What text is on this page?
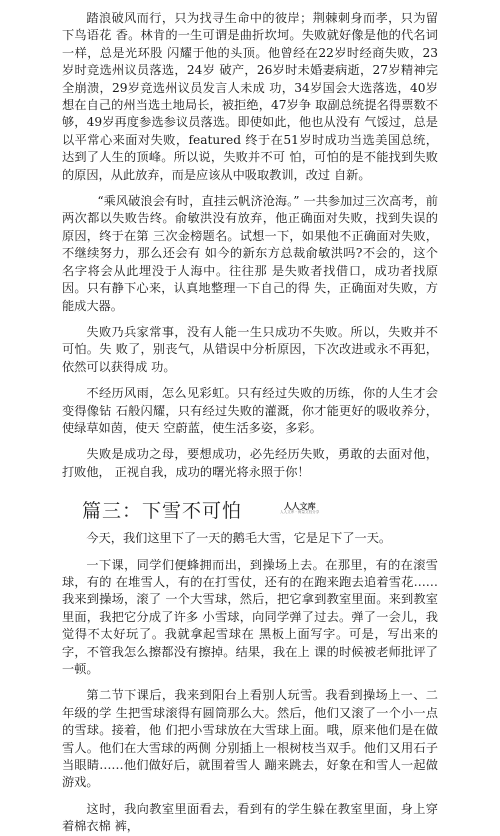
踏浪破风而行，只为找寻生命中的彼岸；荆棘刺身而孝，只为留下鸟语花 香。林肯的一生可谓是曲折坎坷。失败就好像是他的代名词一样，总是光环股 闪耀于他的头顶。他曾经在22岁时经商失败，23岁时竞选州议员落选，24岁 破产，26岁时未婚妻病逝，27岁精神完全崩溃，29岁竞选州议员发言人未成 功，34岁国会大选落选，40岁想在自己的州当选土地局长，被拒绝，47岁争 取副总统提名得票数不够，49岁再度参选参议员落选。即使如此，他也从没有 气馁过，总是以平常心来面对失败，featured 终于在51岁时成功当选美国总统，达到了人生的顶峰。所以说，失败并不可 怕，可怕的是不能找到失败的原因，从此放弃，而是应该从中吸取教训，改过 自新。

“乘风破浪会有时，直挂云帆济沧海。” 一共参加过三次高考，前两次都以失败告终。俞敏洪没有放弃，他正确面对失败，找到失误的原因，终于在第 三次金榜题名。试想一下，如果他不正确面对失败，不继续努力，那么还会有 如今的新东方总裁俞敏洪吗?不会的，这个名字将会从此埋没于人海中。往往那 是失败者找借口，成功者找原因。只有静下心来，认真地整理一下自己的得 失，正确面对失败，方能成大器。

失败乃兵家常事，没有人能一生只成功不失败。所以，失败并不可怕。失 败了，别丧气，从错误中分析原因，下次改进或永不再犯，依然可以获得成 功。

不经历风雨，怎么见彩虹。只有经过失败的历练，你的人生才会变得像钻 石般闪耀，只有经过失败的灌溉，你才能更好的吸收养分，使绿草如茵，使天 空蔚蓝，使生活多姿，多彩。

失败是成功之母，要想成功，必先经历失败，勇敢的去面对他，打败他， 正视自我，成功的曙光将永照于你！

篇三：下雪不可怕	人人文库
人人文库 · 海量文档分享

今天，我们这里下了一天的鹅毛大雪，它是足下了一天。

一下课，同学们便蜂拥而出，到操场上去。在那里，有的在滚雪球，有的 在堆雪人，有的在打雪仗，还有的在跑来跑去追着雪花……我来到操场，滚了 一个大雪球，然后，把它拿到教室里面。来到教室里面，我把它分成了许多 小雪球，向同学弹了过去。弹了一会儿，我觉得不太好玩了。我就拿起雪球在 黑板上面写字。可是，写出来的字，不管我怎么擦都没有擦掉。结果，我在上 课的时候被老师批评了一顿。

第二节下课后，我来到阳台上看别人玩雪。我看到操场上一、二年级的学 生把雪球滚得有圆筒那么大。然后，他们又滚了一个小一点的雪球。接着，他 们把小雪球放在大雪球上面。哦，原来他们是在做雪人。他们在大雪球的两侧 分别插上一根树枝当双手。他们又用石子当眼睛……他们做好后，就围着雪人 蹦来跳去，好象在和雪人一起做游戏。

这时，我向教室里面看去，看到有的学生躲在教室里面，身上穿着棉衣棉 裤，
